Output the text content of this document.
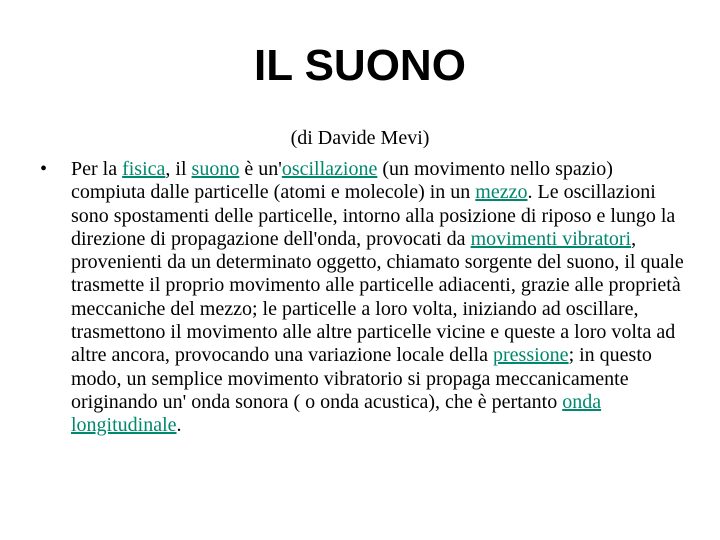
IL SUONO

(di Davide Mevi)

• Per la fisica, il suono è un'oscillazione (un movimento nello spazio) compiuta dalle particelle (atomi e molecole) in un mezzo. Le oscillazioni sono spostamenti delle particelle, intorno alla posizione di riposo e lungo la direzione di propagazione dell'onda, provocati da movimenti vibratori, provenienti da un determinato oggetto, chiamato sorgente del suono, il quale trasmette il proprio movimento alle particelle adiacenti, grazie alle proprietà meccaniche del mezzo; le particelle a loro volta, iniziando ad oscillare, trasmettono il movimento alle altre particelle vicine e queste a loro volta ad altre ancora, provocando una variazione locale della pressione; in questo modo, un semplice movimento vibratorio si propaga meccanicamente originando un' onda sonora ( o onda acustica), che è pertanto onda longitudinale.
